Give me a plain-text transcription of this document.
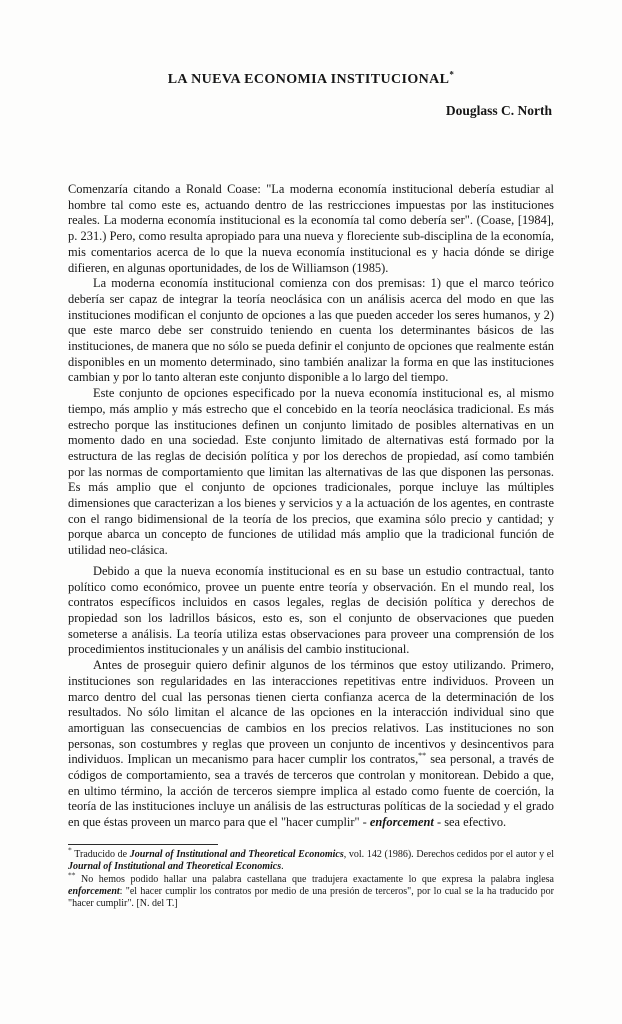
LA NUEVA ECONOMIA INSTITUCIONAL*
Douglass C. North

Comenzaría citando a Ronald Coase: "La moderna economía institucional debería estudiar al hombre tal como este es, actuando dentro de las restricciones impuestas por las instituciones reales. La moderna economía institucional es la economía tal como debería ser". (Coase, [1984], p. 231.) Pero, como resulta apropiado para una nueva y floreciente sub-disciplina de la economía, mis comentarios acerca de lo que la nueva economía institucional es y hacia dónde se dirige difieren, en algunas oportunidades, de los de Williamson (1985).

La moderna economía institucional comienza con dos premisas: 1) que el marco teórico debería ser capaz de integrar la teoría neoclásica con un análisis acerca del modo en que las instituciones modifican el conjunto de opciones a las que pueden acceder los seres humanos, y 2) que este marco debe ser construido teniendo en cuenta los determinantes básicos de las instituciones, de manera que no sólo se pueda definir el conjunto de opciones que realmente están disponibles en un momento determinado, sino también analizar la forma en que las instituciones cambian y por lo tanto alteran este conjunto disponible a lo largo del tiempo.

Este conjunto de opciones especificado por la nueva economía institucional es, al mismo tiempo, más amplio y más estrecho que el concebido en la teoría neoclásica tradicional. Es más estrecho porque las instituciones definen un conjunto limitado de posibles alternativas en un momento dado en una sociedad. Este conjunto limitado de alternativas está formado por la estructura de las reglas de decisión política y por los derechos de propiedad, así como también por las normas de comportamiento que limitan las alternativas de las que disponen las personas. Es más amplio que el conjunto de opciones tradicionales, porque incluye las múltiples dimensiones que caracterizan a los bienes y servicios y a la actuación de los agentes, en contraste con el rango bidimensional de la teoría de los precios, que examina sólo precio y cantidad; y porque abarca un concepto de funciones de utilidad más amplio que la tradicional función de utilidad neo-clásica.

Debido a que la nueva economía institucional es en su base un estudio contractual, tanto político como económico, provee un puente entre teoría y observación. En el mundo real, los contratos específicos incluidos en casos legales, reglas de decisión política y derechos de propiedad son los ladrillos básicos, esto es, son el conjunto de observaciones que pueden someterse a análisis. La teoría utiliza estas observaciones para proveer una comprensión de los procedimientos institucionales y un análisis del cambio institucional.

Antes de proseguir quiero definir algunos de los términos que estoy utilizando. Primero, instituciones son regularidades en las interacciones repetitivas entre individuos. Proveen un marco dentro del cual las personas tienen cierta confianza acerca de la determinación de los resultados. No sólo limitan el alcance de las opciones en la interacción individual sino que amortiguan las consecuencias de cambios en los precios relativos. Las instituciones no son personas, son costumbres y reglas que proveen un conjunto de incentivos y desincentivos para individuos. Implican un mecanismo para hacer cumplir los contratos,** sea personal, a través de códigos de comportamiento, sea a través de terceros que controlan y monitorean. Debido a que, en ultimo término, la acción de terceros siempre implica al estado como fuente de coerción, la teoría de las instituciones incluye un análisis de las estructuras políticas de la sociedad y el grado en que éstas proveen un marco para que el "hacer cumplir" - enforcement - sea efectivo.

* Traducido de Journal of Institutional and Theoretical Economics, vol. 142 (1986). Derechos cedidos por el autor y el Journal of Institutional and Theoretical Economics.

** No hemos podido hallar una palabra castellana que tradujera exactamente lo que expresa la palabra inglesa enforcement: "el hacer cumplir los contratos por medio de una presión de terceros", por lo cual se la ha traducido por "hacer cumplir". [N. del T.]
